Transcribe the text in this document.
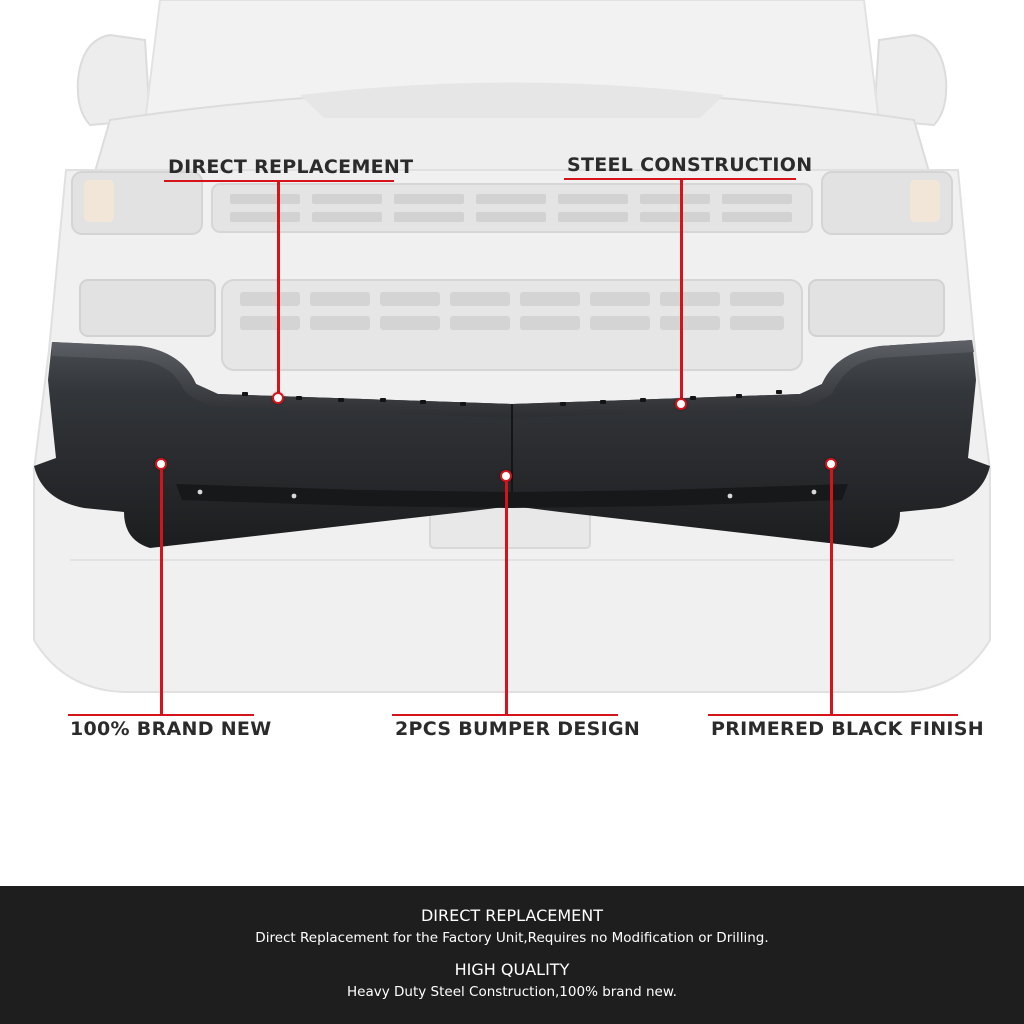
DIRECT REPLACEMENT	STEEL CONSTRUCTION
100% BRAND NEW	2PCS BUMPER DESIGN	PRIMERED BLACK FINISH
DIRECT REPLACEMENT
Direct Replacement for the Factory Unit,Requires no Modification or Drilling.
HIGH QUALITY
Heavy Duty Steel Construction,100% brand new.
